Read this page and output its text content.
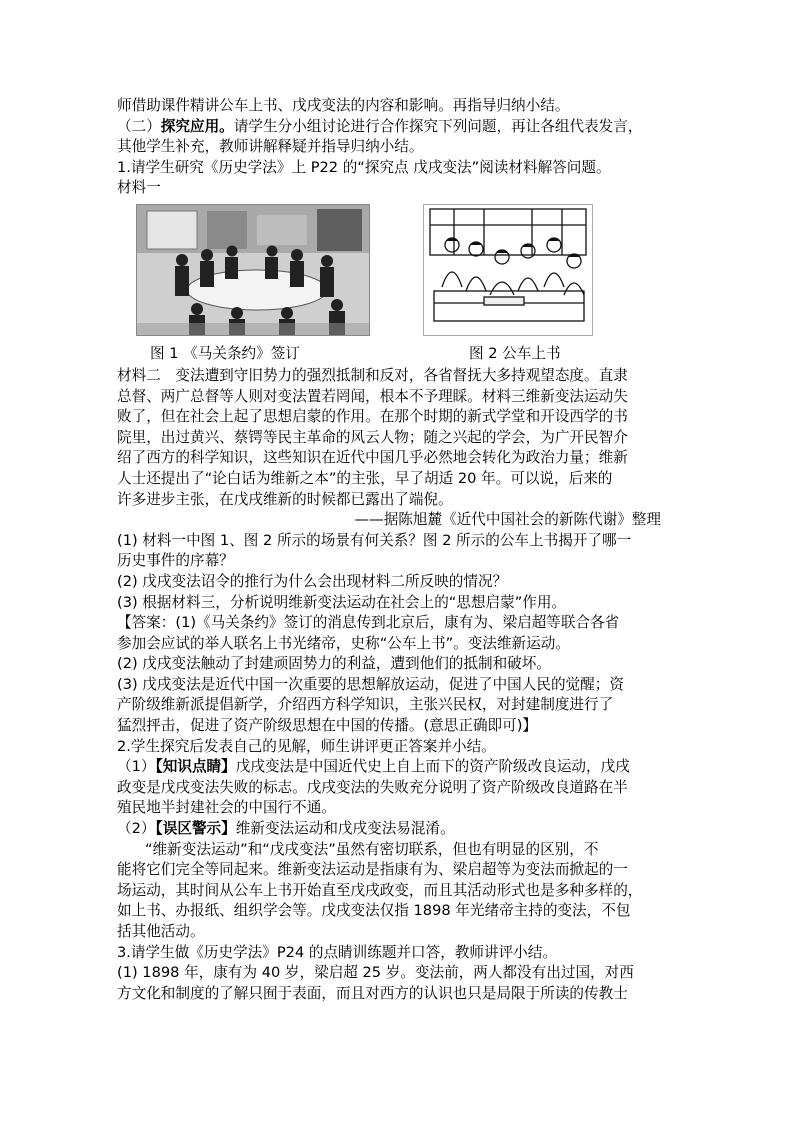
师借助课件精讲公车上书、戊戌变法的内容和影响。再指导归纳小结。
（二）探究应用。请学生分小组讨论进行合作探究下列问题，再让各组代表发言，
其他学生补充，教师讲解释疑并指导归纳小结。
1.请学生研究《历史学法》上 P22 的“探究点 戊戌变法”阅读材料解答问题。
材料一
图 1 《马关条约》签订	图 2 公车上书
材料二　变法遭到守旧势力的强烈抵制和反对，各省督抚大多持观望态度。直隶
总督、两广总督等人则对变法置若罔闻，根本不予理睬。材料三维新变法运动失
败了，但在社会上起了思想启蒙的作用。在那个时期的新式学堂和开设西学的书
院里，出过黄兴、蔡锷等民主革命的风云人物；随之兴起的学会，为广开民智介
绍了西方的科学知识，这些知识在近代中国几乎必然地会转化为政治力量；维新
人士还提出了“论白话为维新之本”的主张，早了胡适 20 年。可以说，后来的
许多进步主张，在戊戌维新的时候都已露出了端倪。
——据陈旭麓《近代中国社会的新陈代谢》整理
(1) 材料一中图 1、图 2 所示的场景有何关系？图 2 所示的公车上书揭开了哪一
历史事件的序幕？
(2) 戊戌变法诏令的推行为什么会出现材料二所反映的情况？
(3) 根据材料三，分析说明维新变法运动在社会上的“思想启蒙”作用。
【答案：(1)《马关条约》签订的消息传到北京后，康有为、梁启超等联合各省
参加会应试的举人联名上书光绪帝，史称“公车上书”。变法维新运动。
(2) 戊戌变法触动了封建顽固势力的利益，遭到他们的抵制和破坏。
(3) 戊戌变法是近代中国一次重要的思想解放运动，促进了中国人民的觉醒；资
产阶级维新派提倡新学，介绍西方科学知识，主张兴民权，对封建制度进行了
猛烈抨击，促进了资产阶级思想在中国的传播。(意思正确即可)】
2.学生探究后发表自己的见解，师生讲评更正答案并小结。
（1）【知识点睛】戊戌变法是中国近代史上自上而下的资产阶级改良运动，戊戌
政变是戊戌变法失败的标志。戊戌变法的失败充分说明了资产阶级改良道路在半
殖民地半封建社会的中国行不通。
（2）【误区警示】维新变法运动和戊戌变法易混淆。
“维新变法运动”和“戊戌变法”虽然有密切联系，但也有明显的区别，不
能将它们完全等同起来。维新变法运动是指康有为、梁启超等为变法而掀起的一
场运动，其时间从公车上书开始直至戊戌政变，而且其活动形式也是多种多样的，
如上书、办报纸、组织学会等。戊戌变法仅指 1898 年光绪帝主持的变法，不包
括其他活动。
3.请学生做《历史学法》P24 的点睛训练题并口答，教师讲评小结。
(1) 1898 年，康有为 40 岁，梁启超 25 岁。变法前，两人都没有出过国，对西
方文化和制度的了解只囿于表面，而且对西方的认识也只是局限于所读的传教士
